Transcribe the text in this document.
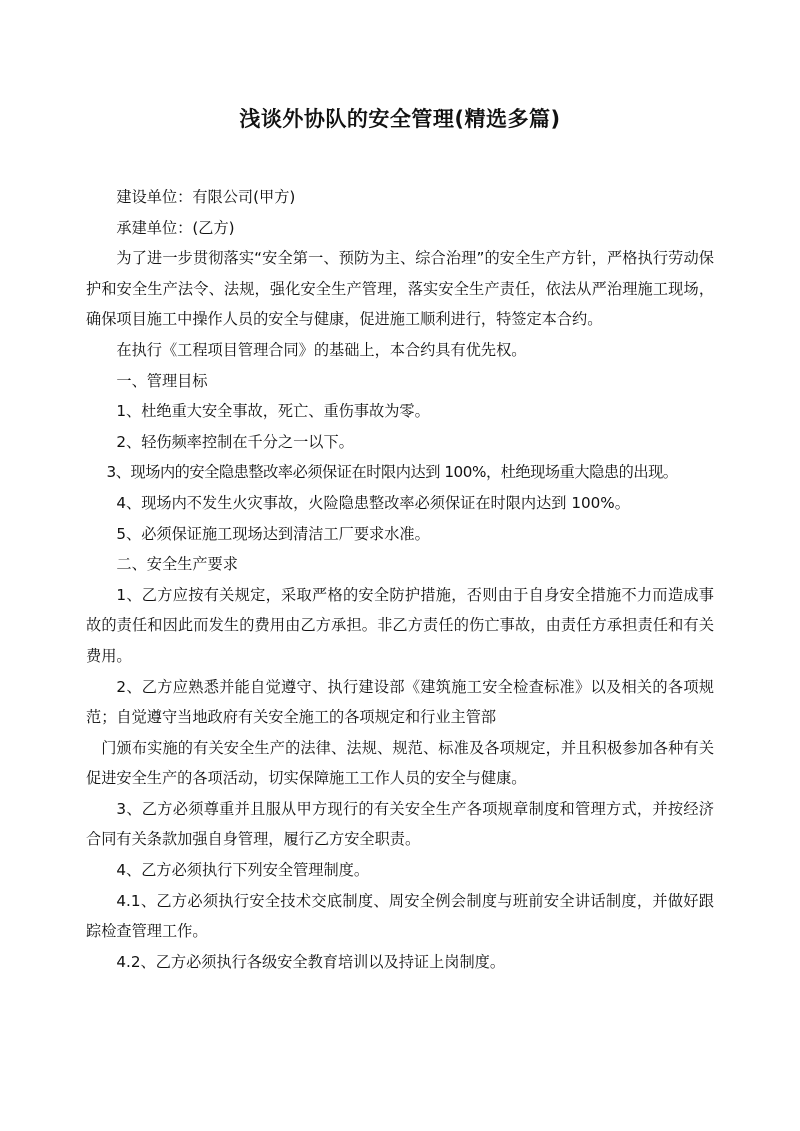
浅谈外协队的安全管理(精选多篇)

建设单位：有限公司(甲方)

承建单位：(乙方)

为了进一步贯彻落实“安全第一、预防为主、综合治理”的安全生产方针，严格执行劳动保护和安全生产法令、法规，强化安全生产管理，落实安全生产责任，依法从严治理施工现场，确保项目施工中操作人员的安全与健康，促进施工顺利进行，特签定本合约。

在执行《工程项目管理合同》的基础上，本合约具有优先权。

一、管理目标

1、杜绝重大安全事故，死亡、重伤事故为零。

2、轻伤频率控制在千分之一以下。

3、现场内的安全隐患整改率必须保证在时限内达到 100%，杜绝现场重大隐患的出现。

4、现场内不发生火灾事故，火险隐患整改率必须保证在时限内达到 100%。

5、必须保证施工现场达到清洁工厂要求水准。

二、安全生产要求

1、乙方应按有关规定，采取严格的安全防护措施，否则由于自身安全措施不力而造成事故的责任和因此而发生的费用由乙方承担。非乙方责任的伤亡事故，由责任方承担责任和有关费用。

2、乙方应熟悉并能自觉遵守、执行建设部《建筑施工安全检查标准》以及相关的各项规范；自觉遵守当地政府有关安全施工的各项规定和行业主管部

门颁布实施的有关安全生产的法律、法规、规范、标准及各项规定，并且积极参加各种有关促进安全生产的各项活动，切实保障施工工作人员的安全与健康。

3、乙方必须尊重并且服从甲方现行的有关安全生产各项规章制度和管理方式，并按经济合同有关条款加强自身管理，履行乙方安全职责。

4、乙方必须执行下列安全管理制度。

4.1、乙方必须执行安全技术交底制度、周安全例会制度与班前安全讲话制度，并做好跟踪检查管理工作。

4.2、乙方必须执行各级安全教育培训以及持证上岗制度。
